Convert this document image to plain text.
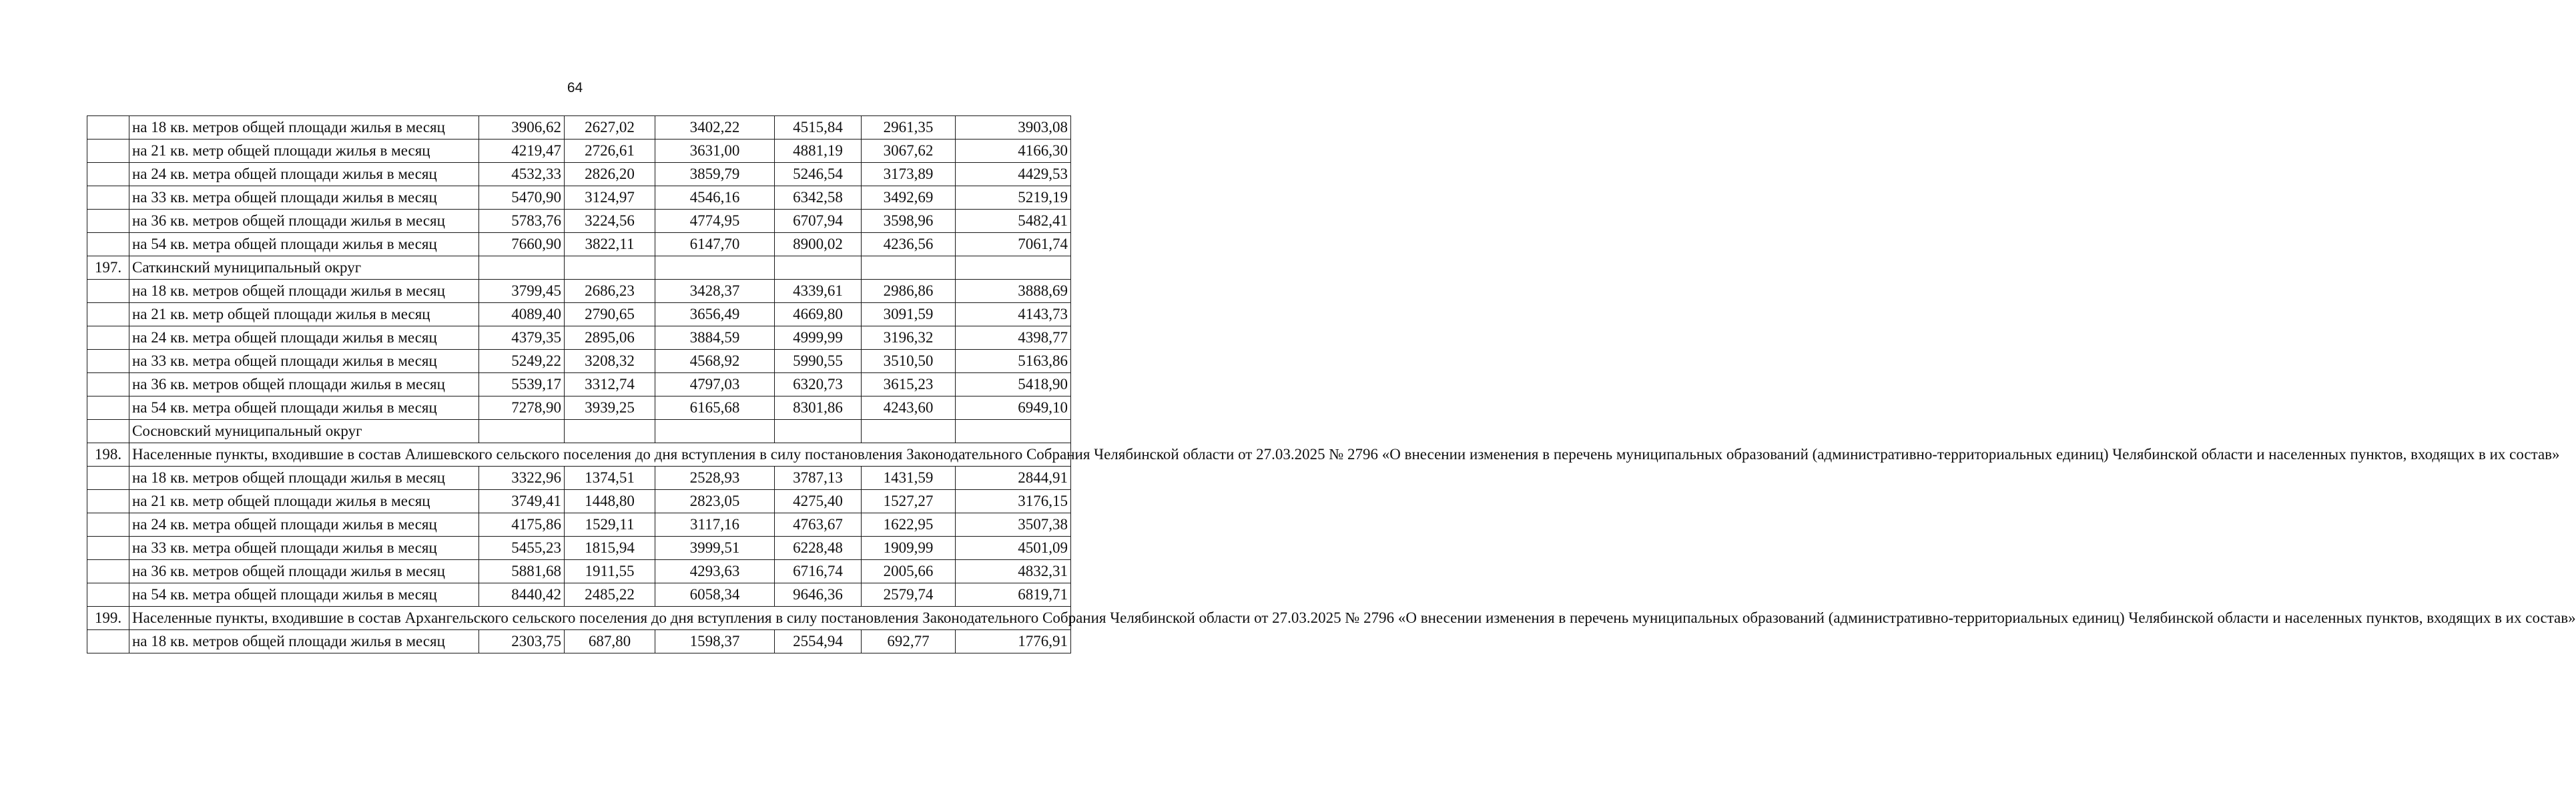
64
	на 18 кв. метров общей площади жилья в месяц	3906,62	2627,02	3402,22	4515,84	2961,35	3903,08
	на 21 кв. метр общей площади жилья в месяц	4219,47	2726,61	3631,00	4881,19	3067,62	4166,30
	на 24 кв. метра общей площади жилья в месяц	4532,33	2826,20	3859,79	5246,54	3173,89	4429,53
	на 33 кв. метра общей площади жилья в месяц	5470,90	3124,97	4546,16	6342,58	3492,69	5219,19
	на 36 кв. метров общей площади жилья в месяц	5783,76	3224,56	4774,95	6707,94	3598,96	5482,41
	на 54 кв. метра общей площади жилья в месяц	7660,90	3822,11	6147,70	8900,02	4236,56	7061,74
197.	Саткинский муниципальный округ						
	на 18 кв. метров общей площади жилья в месяц	3799,45	2686,23	3428,37	4339,61	2986,86	3888,69
	на 21 кв. метр общей площади жилья в месяц	4089,40	2790,65	3656,49	4669,80	3091,59	4143,73
	на 24 кв. метра общей площади жилья в месяц	4379,35	2895,06	3884,59	4999,99	3196,32	4398,77
	на 33 кв. метра общей площади жилья в месяц	5249,22	3208,32	4568,92	5990,55	3510,50	5163,86
	на 36 кв. метров общей площади жилья в месяц	5539,17	3312,74	4797,03	6320,73	3615,23	5418,90
	на 54 кв. метра общей площади жилья в месяц	7278,90	3939,25	6165,68	8301,86	4243,60	6949,10
	Сосновский муниципальный округ						
198.	Населенные пункты, входившие в состав Алишевского сельского поселения до дня вступления в силу постановления Законодательного Собрания Челябинской области от 27.03.2025 № 2796 «О внесении изменения в перечень муниципальных образований (административно-территориальных единиц) Челябинской области и населенных пунктов, входящих в их состав»						
	на 18 кв. метров общей площади жилья в месяц	3322,96	1374,51	2528,93	3787,13	1431,59	2844,91
	на 21 кв. метр общей площади жилья в месяц	3749,41	1448,80	2823,05	4275,40	1527,27	3176,15
	на 24 кв. метра общей площади жилья в месяц	4175,86	1529,11	3117,16	4763,67	1622,95	3507,38
	на 33 кв. метра общей площади жилья в месяц	5455,23	1815,94	3999,51	6228,48	1909,99	4501,09
	на 36 кв. метров общей площади жилья в месяц	5881,68	1911,55	4293,63	6716,74	2005,66	4832,31
	на 54 кв. метра общей площади жилья в месяц	8440,42	2485,22	6058,34	9646,36	2579,74	6819,71
199.	Населенные пункты, входившие в состав Архангельского сельского поселения до дня вступления в силу постановления Законодательного Собрания Челябинской области от 27.03.2025 № 2796 «О внесении изменения в перечень муниципальных образований (административно-территориальных единиц) Челябинской области и населенных пунктов, входящих в их состав»						
	на 18 кв. метров общей площади жилья в месяц	2303,75	687,80	1598,37	2554,94	692,77	1776,91
